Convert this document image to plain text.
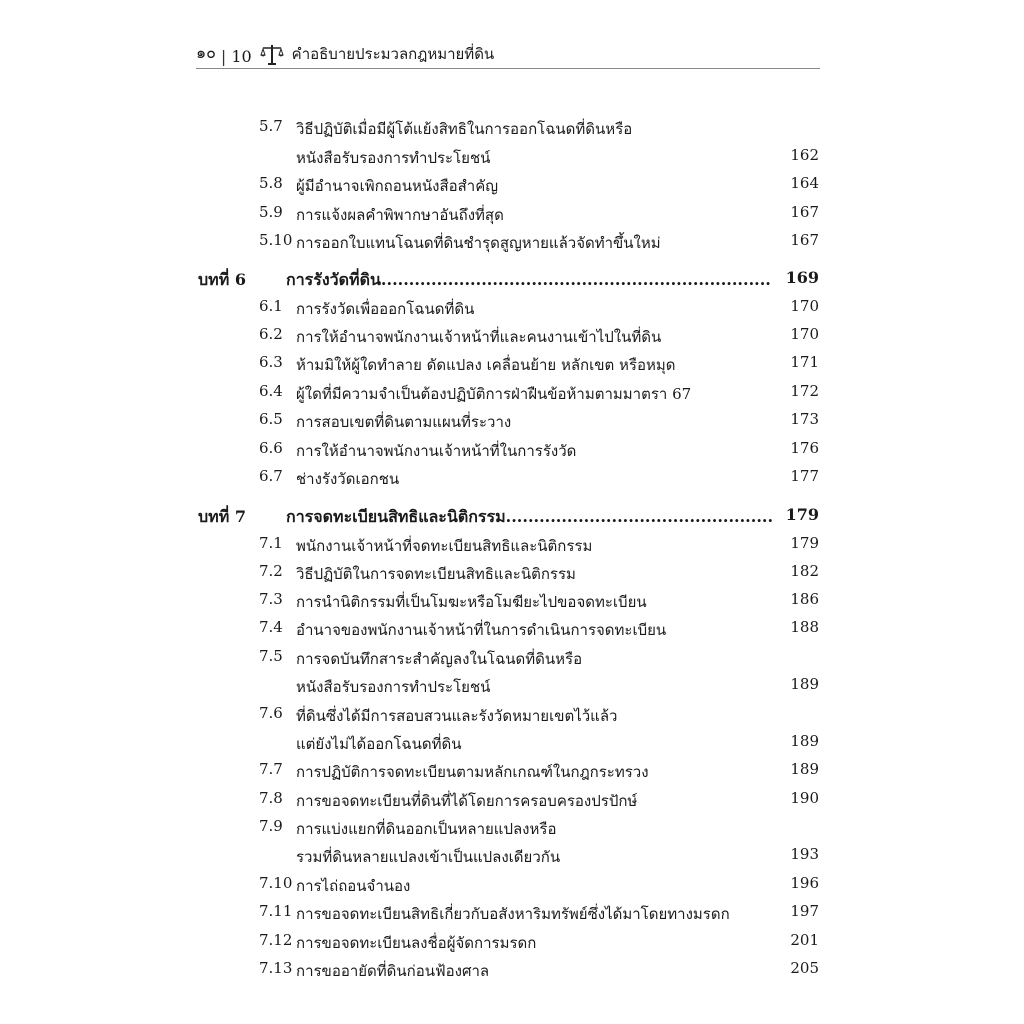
๑๐ | 10	คำอธิบายประมวลกฎหมายที่ดิน
5.7 วิธีปฏิบัติเมื่อมีผู้โต้แย้งสิทธิในการออกโฉนดที่ดินหรือ
หนังสือรับรองการทำประโยชน์	162
5.8 ผู้มีอำนาจเพิกถอนหนังสือสำคัญ	164
5.9 การแจ้งผลคำพิพากษาอันถึงที่สุด	167
5.10 การออกใบแทนโฉนดที่ดินชำรุดสูญหายแล้วจัดทำขึ้นใหม่	167
บทที่ 6	การรังวัดที่ดิน...................................................................... 169
6.1 การรังวัดเพื่อออกโฉนดที่ดิน	170
6.2 การให้อำนาจพนักงานเจ้าหน้าที่และคนงานเข้าไปในที่ดิน	170
6.3 ห้ามมิให้ผู้ใดทำลาย ดัดแปลง เคลื่อนย้าย หลักเขต หรือหมุด	171
6.4 ผู้ใดที่มีความจำเป็นต้องปฏิบัติการฝ่าฝืนข้อห้ามตามมาตรา 67	172
6.5 การสอบเขตที่ดินตามแผนที่ระวาง	173
6.6 การให้อำนาจพนักงานเจ้าหน้าที่ในการรังวัด	176
6.7 ช่างรังวัดเอกชน	177
บทที่ 7	การจดทะเบียนสิทธิและนิติกรรม................................................ 179
7.1 พนักงานเจ้าหน้าที่จดทะเบียนสิทธิและนิติกรรม	179
7.2 วิธีปฏิบัติในการจดทะเบียนสิทธิและนิติกรรม	182
7.3 การนำนิติกรรมที่เป็นโมฆะหรือโมฆียะไปขอจดทะเบียน	186
7.4 อำนาจของพนักงานเจ้าหน้าที่ในการดำเนินการจดทะเบียน	188
7.5 การจดบันทึกสาระสำคัญลงในโฉนดที่ดินหรือ
หนังสือรับรองการทำประโยชน์	189
7.6 ที่ดินซึ่งได้มีการสอบสวนและรังวัดหมายเขตไว้แล้ว
แต่ยังไม่ได้ออกโฉนดที่ดิน	189
7.7 การปฏิบัติการจดทะเบียนตามหลักเกณฑ์ในกฎกระทรวง	189
7.8 การขอจดทะเบียนที่ดินที่ได้โดยการครอบครองปรปักษ์	190
7.9 การแบ่งแยกที่ดินออกเป็นหลายแปลงหรือ
รวมที่ดินหลายแปลงเข้าเป็นแปลงเดียวกัน	193
7.10 การไถ่ถอนจำนอง	196
7.11 การขอจดทะเบียนสิทธิเกี่ยวกับอสังหาริมทรัพย์ซึ่งได้มาโดยทางมรดก	197
7.12 การขอจดทะเบียนลงชื่อผู้จัดการมรดก	201
7.13 การขออายัดที่ดินก่อนฟ้องศาล	205
